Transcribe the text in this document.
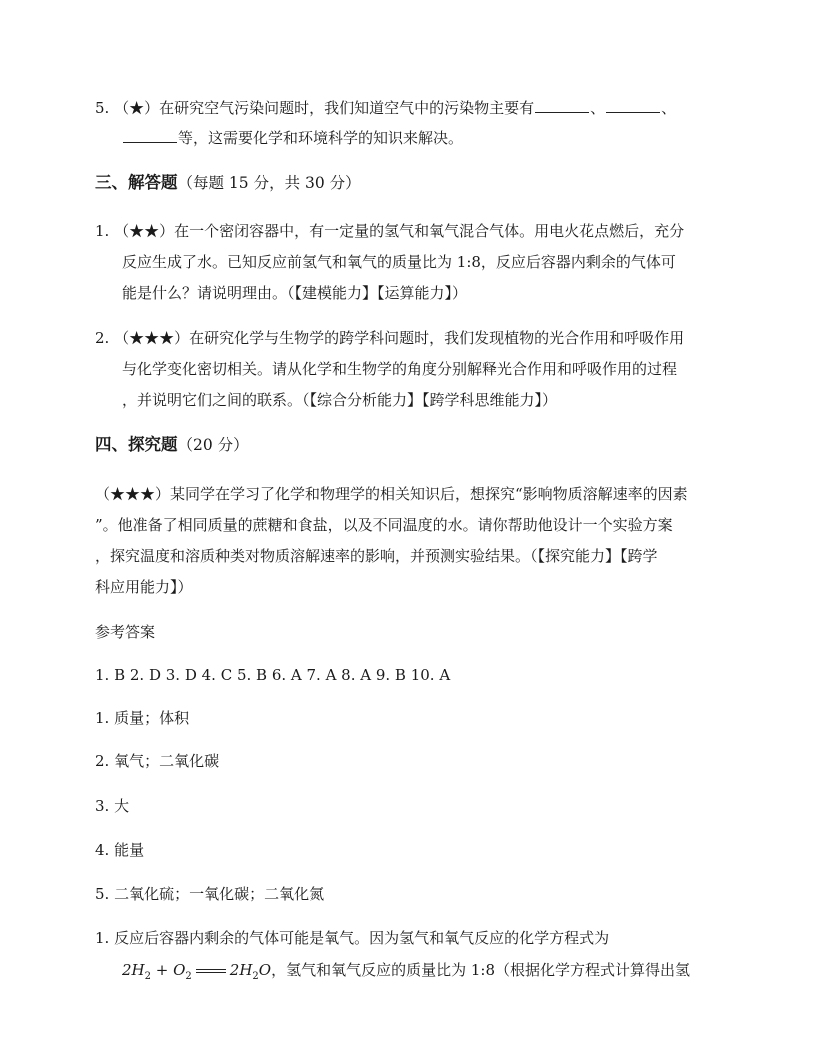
5. （★）在研究空气污染问题时，我们知道空气中的污染物主要有	、	、
等，这需要化学和环境科学的知识来解决。
三、解答题（每题 15 分，共 30 分）
1. （★★）在一个密闭容器中，有一定量的氢气和氧气混合气体。用电火花点燃后，充分
反应生成了水。已知反应前氢气和氧气的质量比为 1:8，反应后容器内剩余的气体可
能是什么？请说明理由。（【建模能力】【运算能力】）
2. （★★★）在研究化学与生物学的跨学科问题时，我们发现植物的光合作用和呼吸作用
与化学变化密切相关。请从化学和生物学的角度分别解释光合作用和呼吸作用的过程
，并说明它们之间的联系。（【综合分析能力】【跨学科思维能力】）
四、探究题（20 分）
（★★★）某同学在学习了化学和物理学的相关知识后，想探究“影响物质溶解速率的因素
”。他准备了相同质量的蔗糖和食盐，以及不同温度的水。请你帮助他设计一个实验方案
，探究温度和溶质种类对物质溶解速率的影响，并预测实验结果。（【探究能力】【跨学
科应用能力】）
参考答案
1. B 2. D 3. D 4. C 5. B 6. A 7. A 8. A 9. B 10. A
1. 质量；体积
2. 氧气；二氧化碳
3. 大
4. 能量
5. 二氧化硫；一氧化碳；二氧化氮
1. 反应后容器内剩余的气体可能是氧气。因为氢气和氧气反应的化学方程式为
$2H_2 + O_2$	$2H_2O$，氢气和氧气反应的质量比为 1:8（根据化学方程式计算得出氢
